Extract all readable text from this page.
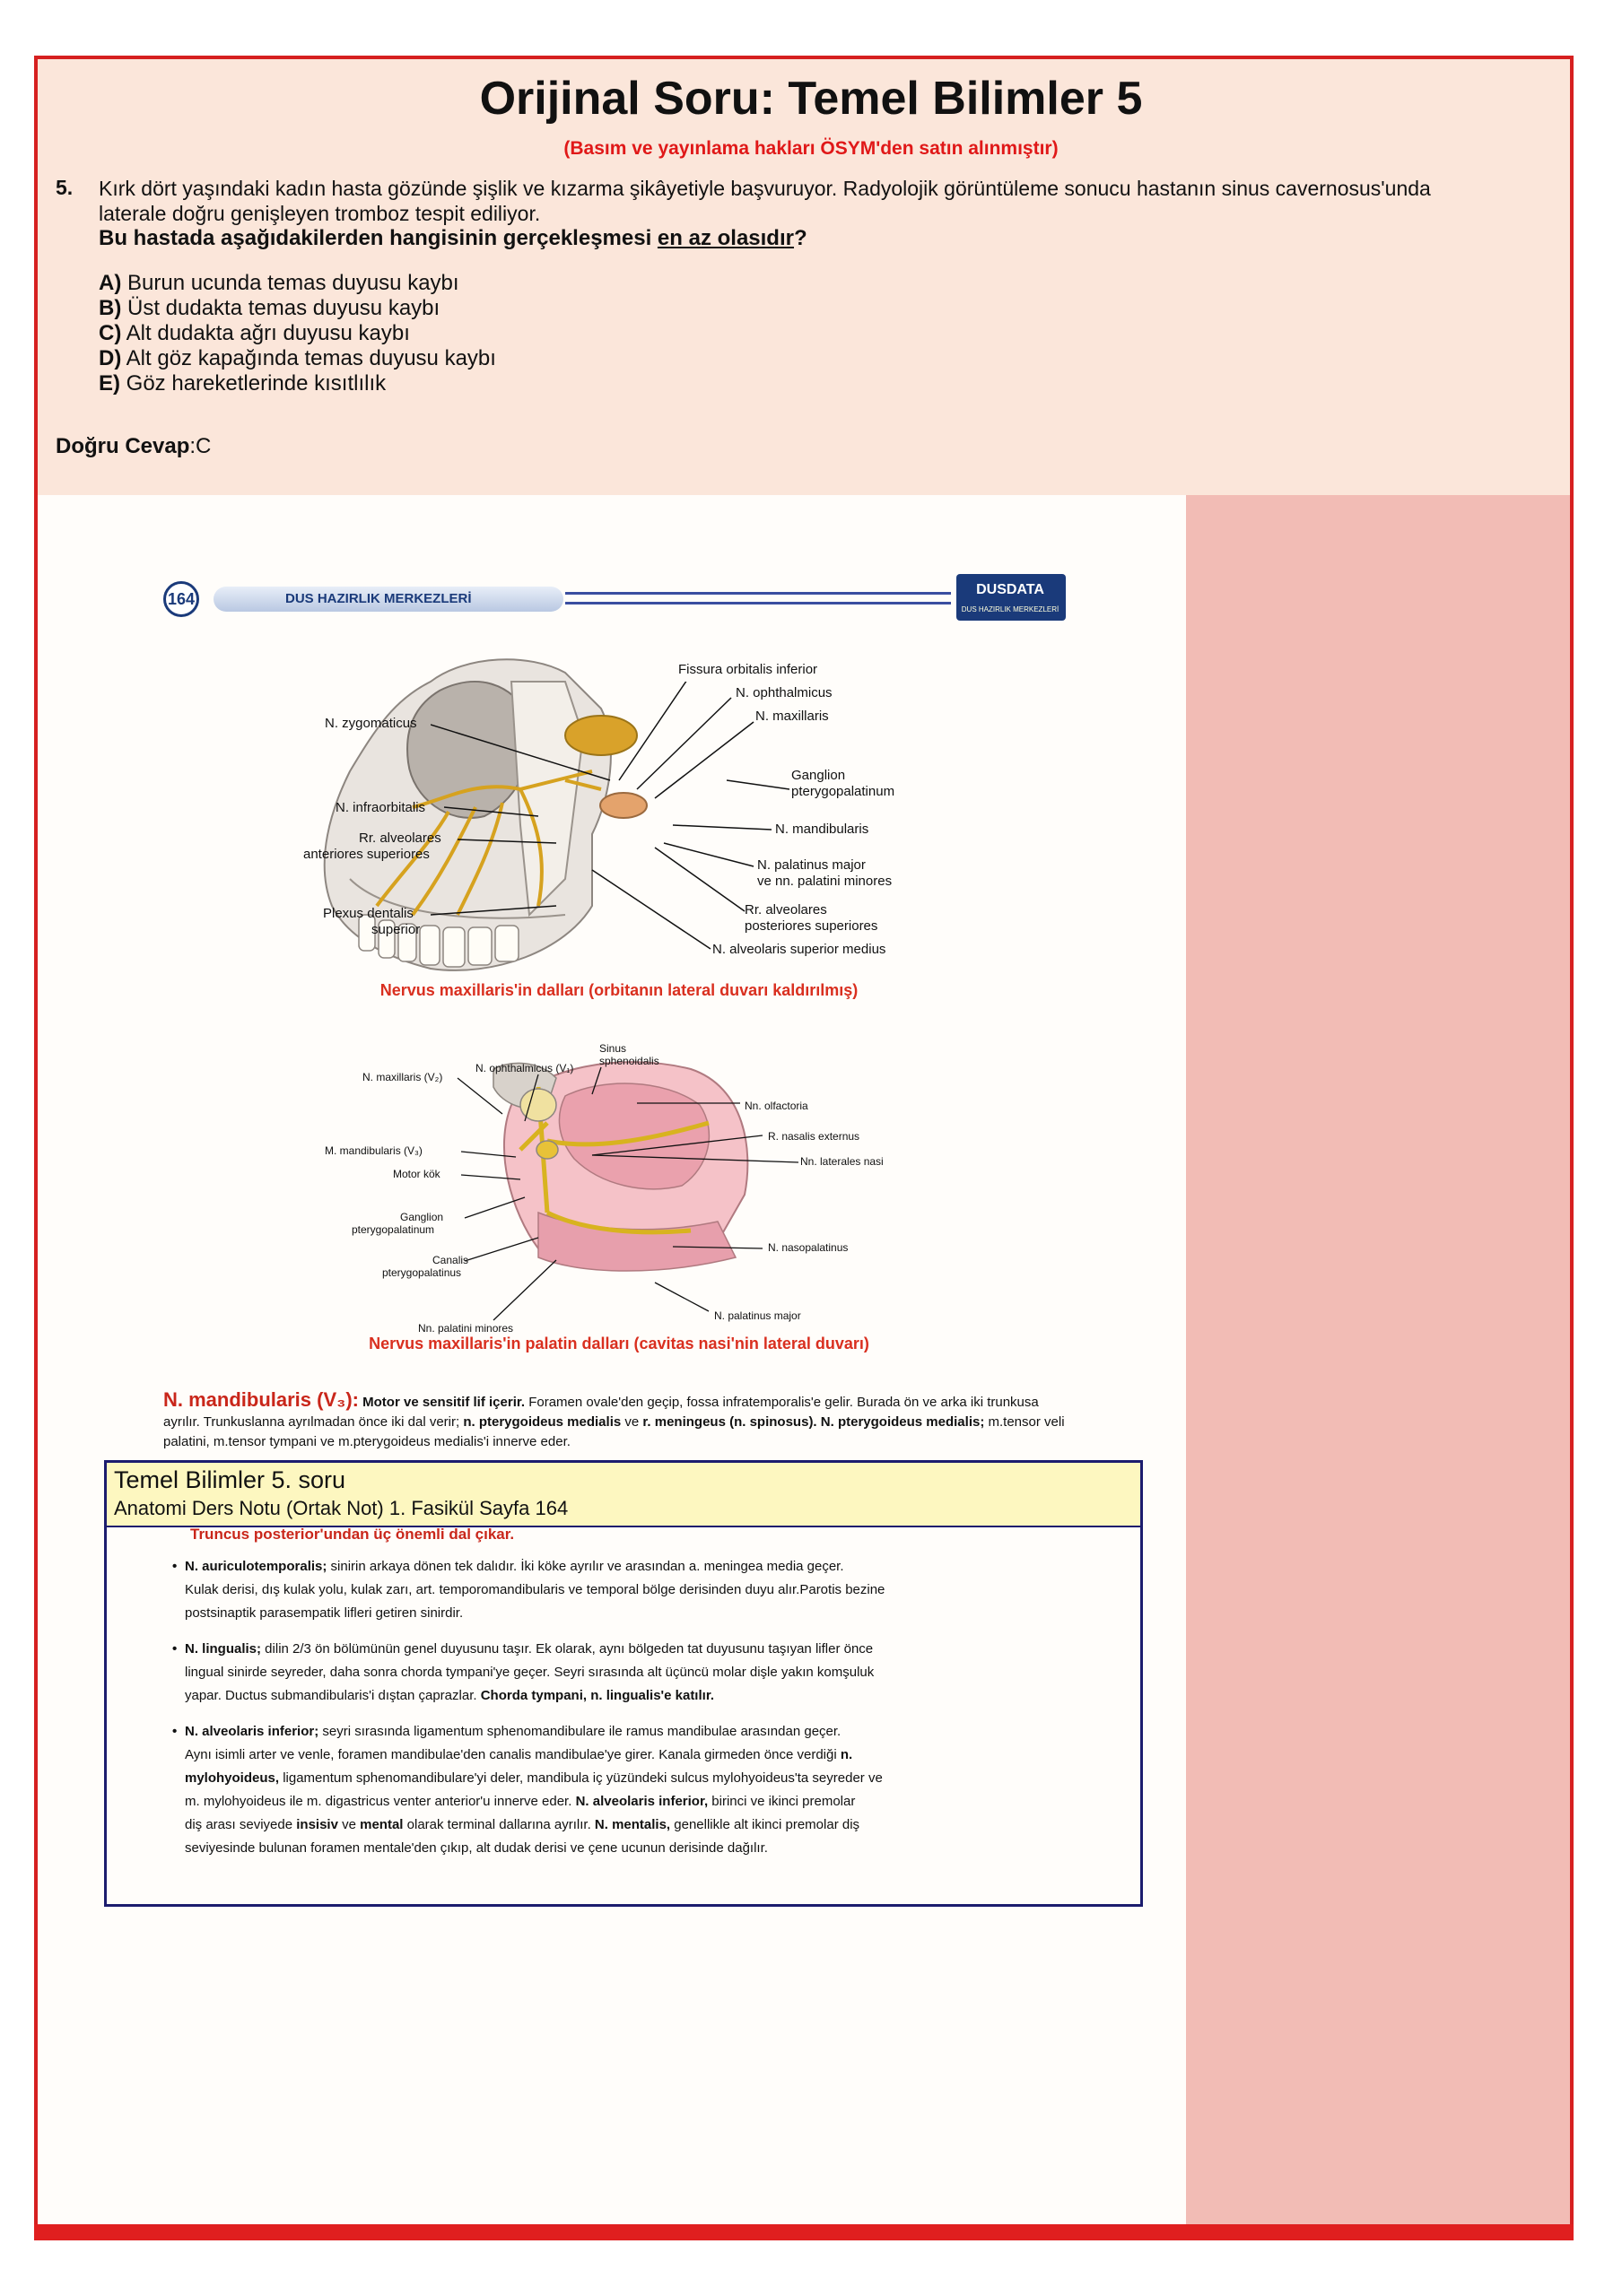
Orijinal Soru: Temel Bilimler 5
(Basım ve yayınlama hakları ÖSYM'den satın alınmıştır)
5. Kırk dört yaşındaki kadın hasta gözünde şişlik ve kızarma şikâyetiyle başvuruyor. Radyolojik görüntüleme sonucu hastanın sinus cavernosus'unda laterale doğru genişleyen tromboz tespit ediliyor.
Bu hastada aşağıdakilerden hangisinin gerçekleşmesi en az olasıdır?
A) Burun ucunda temas duyusu kaybı
B) Üst dudakta temas duyusu kaybı
C) Alt dudakta ağrı duyusu kaybı
D) Alt göz kapağında temas duyusu kaybı
E) Göz hareketlerinde kısıtlılık
Doğru Cevap:C
DUS HAZIRLIK MERKEZLERİ
164
DUSDATA
DUS HAZIRLIK MERKEZLERİ
Fissura orbitalis inferior
N. ophthalmicus
N. maxillaris
N. zygomaticus
Ganglion
pterygopalatinum
N. infraorbitalis
N. mandibularis
Rr. alveolares
anteriores superiores
N. palatinus major
ve nn. palatini minores
Plexus dentalis
superior
Rr. alveolares
posteriores superiores
N. alveolaris superior medius
Nervus maxillaris'in dalları (orbitanın lateral duvarı kaldırılmış)
Sinus
sphenoidalis
N. ophthalmicus (V₁)
N. maxillaris (V₂)
Nn. olfactoria
R. nasalis externus
M. mandibularis (V₃)
Nn. laterales nasi
Motor kök
Ganglion
pterygopalatinum
N. nasopalatinus
Canalis
pterygopalatinus
N. palatinus major
Nn. palatini minores
Nervus maxillaris'in palatin dalları (cavitas nasi'nin lateral duvarı)
N. mandibularis (V₃): Motor ve sensitif lif içerir. Foramen ovale'den geçip, fossa infratemporalis'e gelir. Burada ön ve arka iki trunkusa ayrılır. Trunkuslanna ayrılmadan önce iki dal verir; n. pterygoideus medialis ve r. meningeus (n. spinosus). N. pterygoideus medialis; m.tensor veli palatini, m.tensor tympani ve m.pterygoideus medialis'i innerve eder.
Temel Bilimler 5. soru
Anatomi Ders Notu (Ortak Not) 1. Fasikül Sayfa 164
Truncus posterior'undan üç önemli dal çıkar.
• N. auriculotemporalis; sinirin arkaya dönen tek dalıdır. İki köke ayrılır ve arasından a. meningea media geçer.
Kulak derisi, dış kulak yolu, kulak zarı, art. temporomandibularis ve temporal bölge derisinden duyu alır.Parotis bezine
postsinaptik parasempatik lifleri getiren sinirdir.
• N. lingualis; dilin 2/3 ön bölümünün genel duyusunu taşır. Ek olarak, aynı bölgeden tat duyusunu taşıyan lifler önce
lingual sinirde seyreder, daha sonra chorda tympani'ye geçer. Seyri sırasında alt üçüncü molar dişle yakın komşuluk
yapar. Ductus submandibularis'i dıştan çaprazlar. Chorda tympani, n. lingualis'e katılır.
• N. alveolaris inferior; seyri sırasında ligamentum sphenomandibulare ile ramus mandibulae arasından geçer.
Aynı isimli arter ve venle, foramen mandibulae'den canalis mandibulae'ye girer. Kanala girmeden önce verdiği n.
mylohyoideus, ligamentum sphenomandibulare'yi deler, mandibula iç yüzündeki sulcus mylohyoideus'ta seyreder ve
m. mylohyoideus ile m. digastricus venter anterior'u innerve eder. N. alveolaris inferior, birinci ve ikinci premolar
diş arası seviyede insisiv ve mental olarak terminal dallarına ayrılır. N. mentalis, genellikle alt ikinci premolar diş
seviyesinde bulunan foramen mentale'den çıkıp, alt dudak derisi ve çene ucunun derisinde dağılır.
